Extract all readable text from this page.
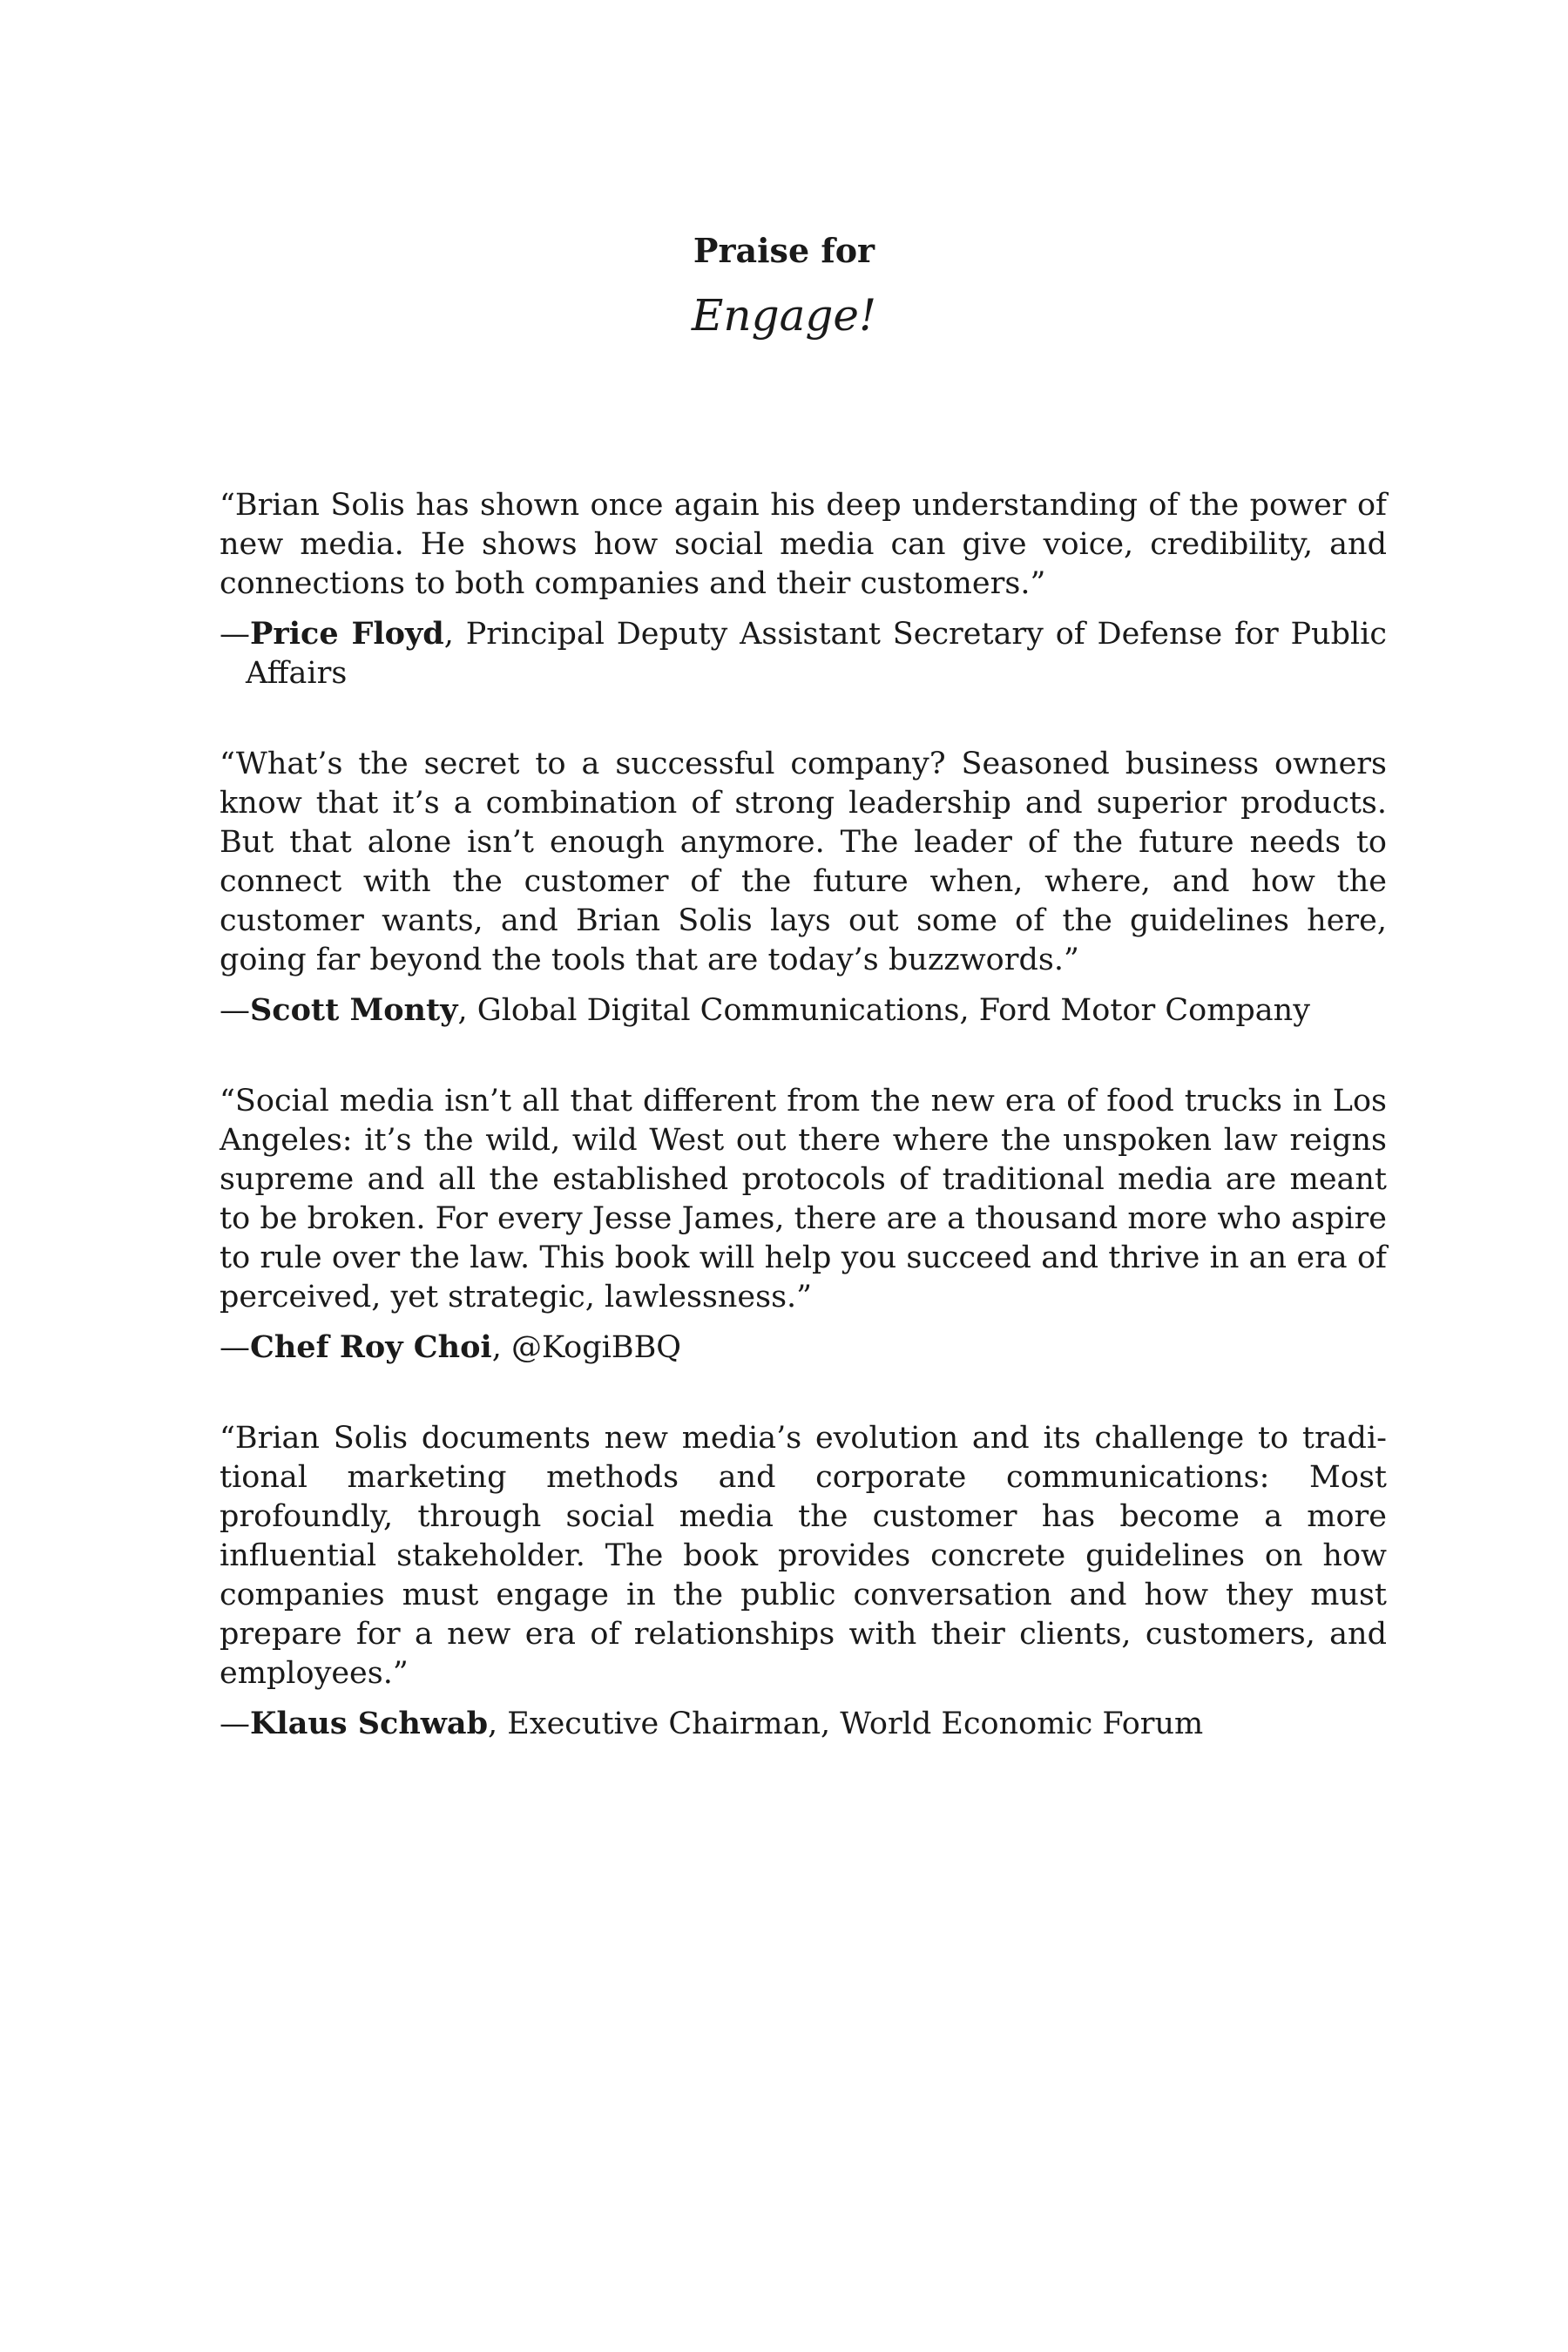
Praise for
Engage!

“Brian Solis has shown once again his deep understanding of the power of new media. He shows how social media can give voice, credibility, and connections to both companies and their customers.”

—Price Floyd, Principal Deputy Assistant Secretary of Defense for Public Affairs

“What’s the secret to a successful company? Seasoned business owners know that it’s a combination of strong leadership and superior products. But that alone isn’t enough anymore. The leader of the future needs to connect with the customer of the future when, where, and how the customer wants, and Brian Solis lays out some of the guidelines here, going far beyond the tools that are today’s buzzwords.”

—Scott Monty, Global Digital Communications, Ford Motor Company

“Social media isn’t all that different from the new era of food trucks in Los Angeles: it’s the wild, wild West out there where the unspoken law reigns supreme and all the established protocols of traditional media are meant to be broken. For every Jesse James, there are a thousand more who aspire to rule over the law. This book will help you succeed and thrive in an era of perceived, yet strategic, lawlessness.”

—Chef Roy Choi, @KogiBBQ

“Brian Solis documents new media’s evolution and its challenge to traditional marketing methods and corporate communications: Most profoundly, through social media the customer has become a more influential stakeholder. The book provides concrete guidelines on how companies must engage in the public conversation and how they must prepare for a new era of relationships with their clients, customers, and employees.”

—Klaus Schwab, Executive Chairman, World Economic Forum
